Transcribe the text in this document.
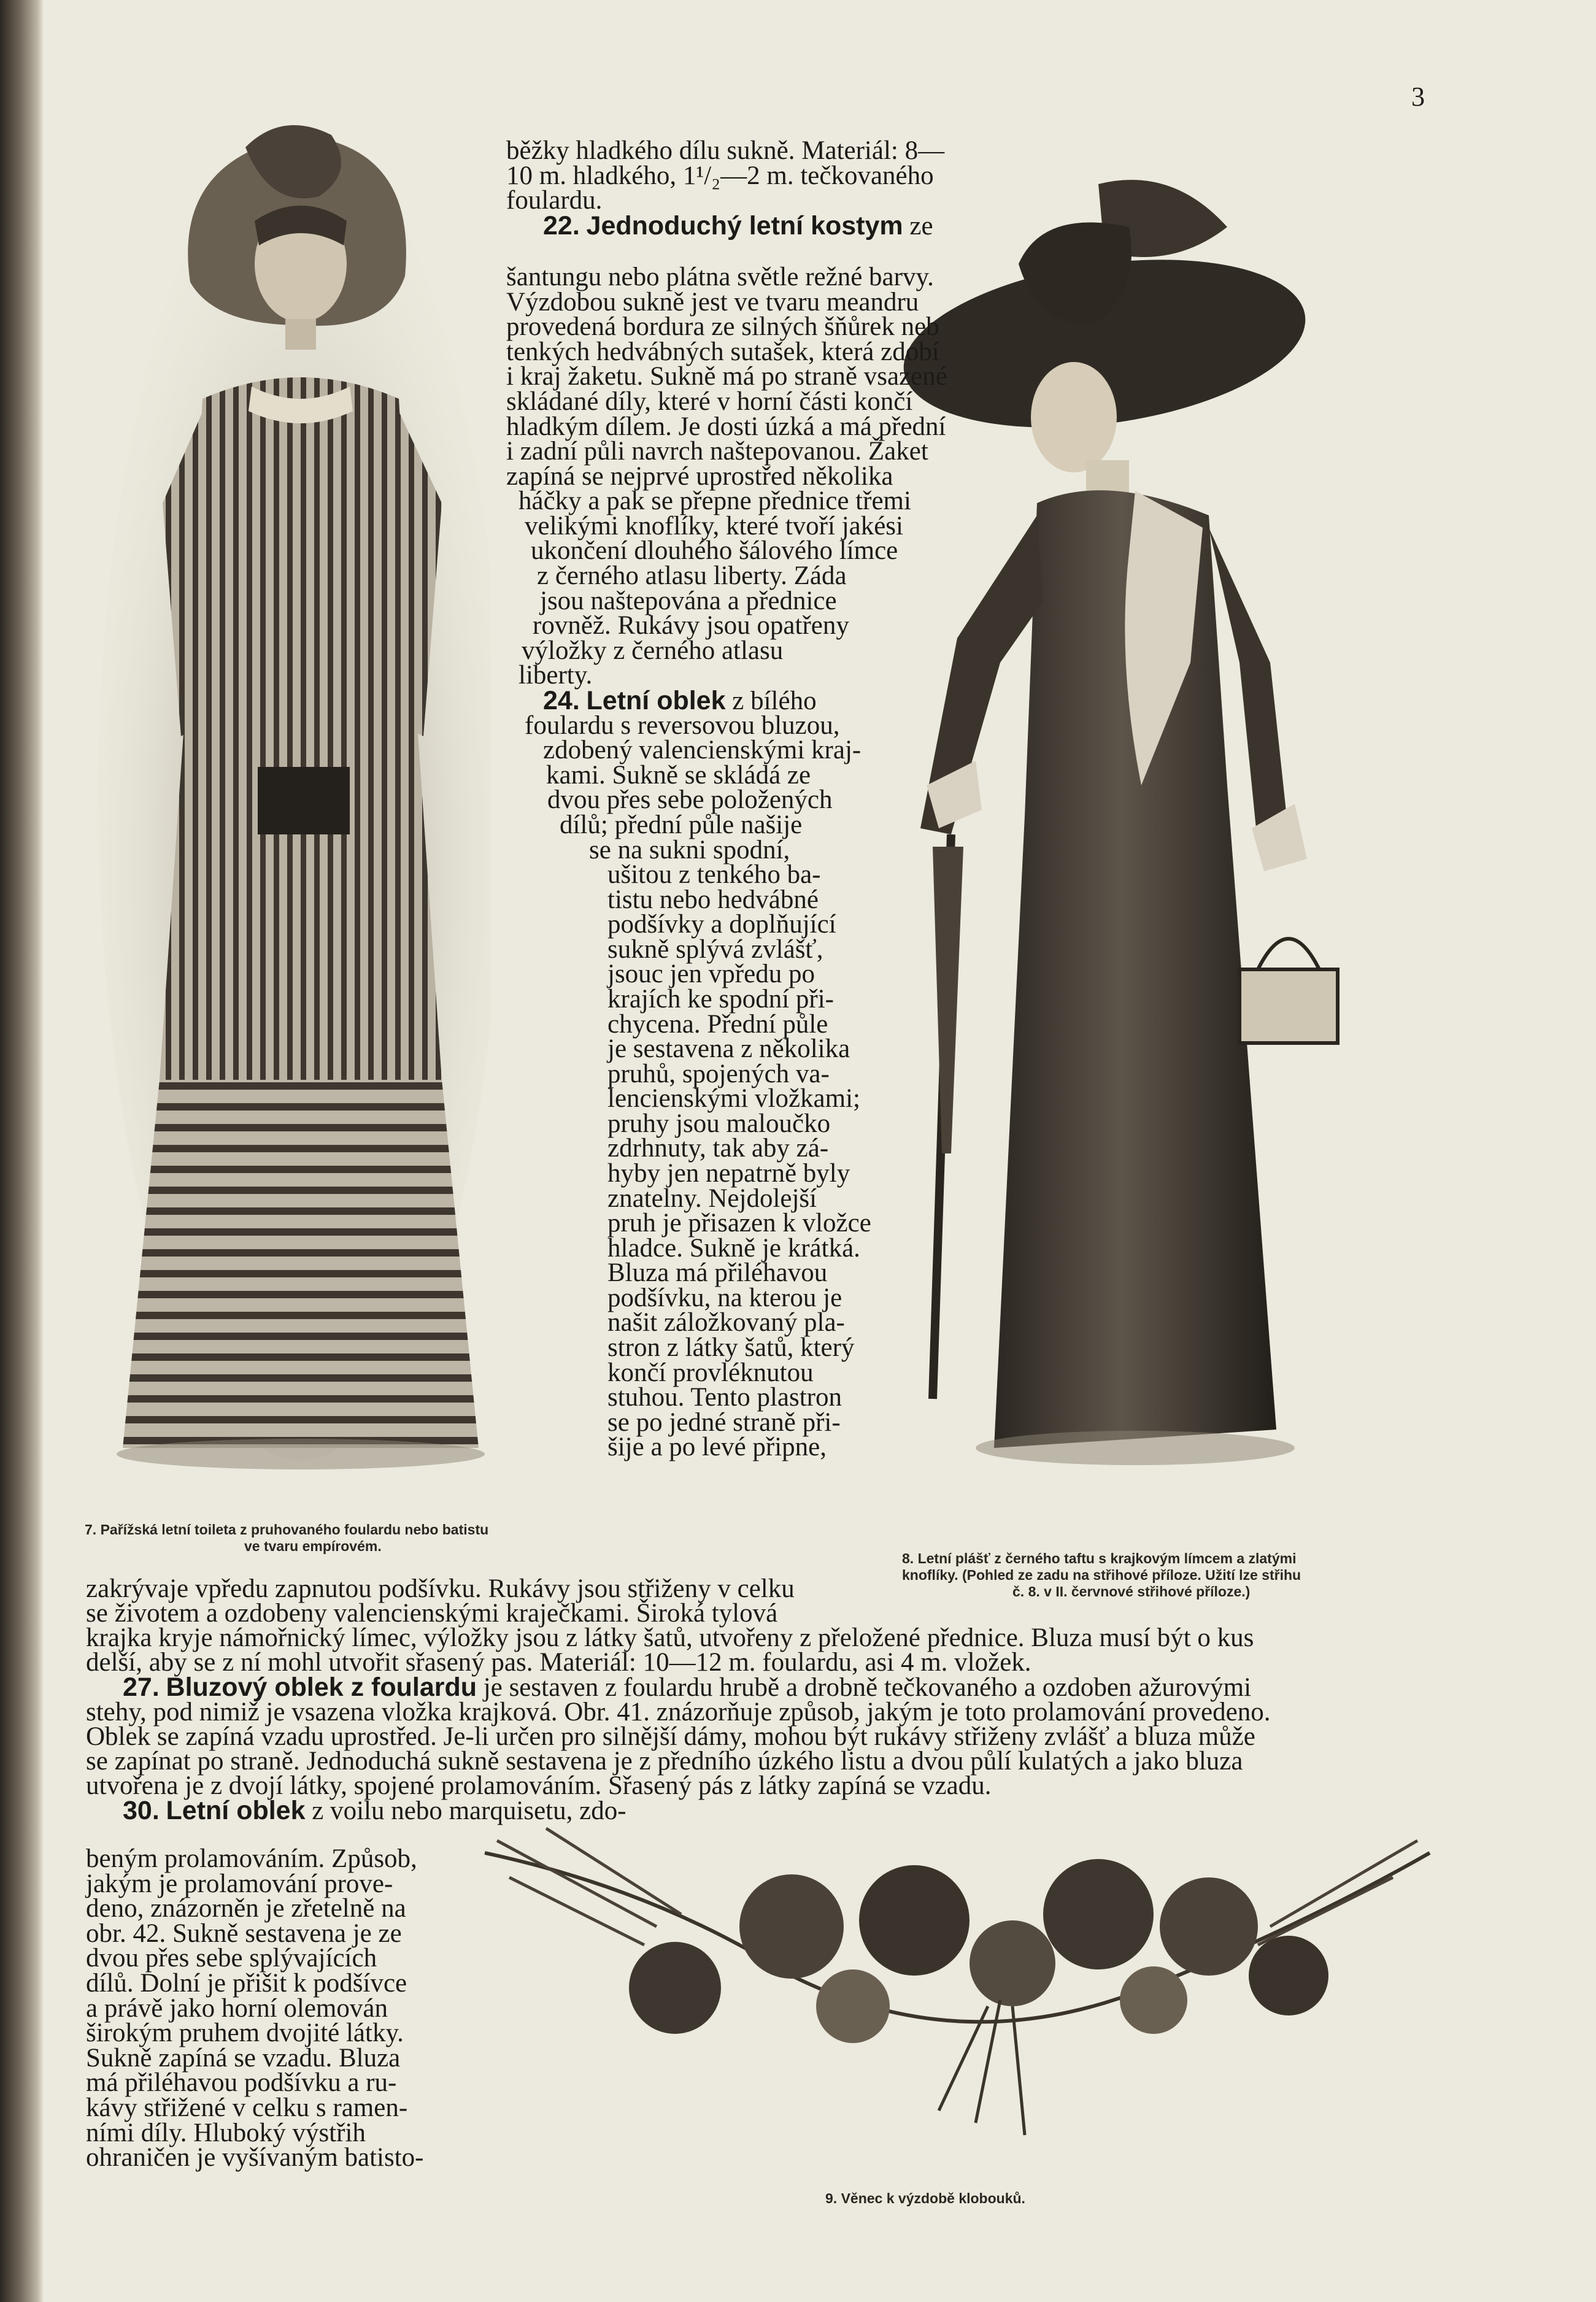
3

běžky hladkého dílu sukně. Materiál: 8—

10 m. hladkého, 1¹/₂—2 m. tečkovaného

foulardu.

22. Jednoduchý letní kostym ze

šantungu nebo plátna světle režné barvy.

Výzdobou sukně jest ve tvaru meandru

provedená bordura ze silných šňůrek neb

tenkých hedvábných sutašek, která zdobí

i kraj žaketu. Sukně má po straně vsazené

skládané díly, které v horní části končí

hladkým dílem. Je dosti úzká a má přední

i zadní půli navrch naštepovanou. Žaket

zapíná se nejprvé uprostřed několika

háčky a pak se přepne přednice třemi

velikými knoflíky, které tvoří jakési

ukončení dlouhého šálového límce

z černého atlasu liberty. Záda

jsou naštepována a přednice

rovněž. Rukávy jsou opatřeny

výložky z černého atlasu

liberty.

24. Letní oblek z bílého

foulardu s reversovou bluzou,

zdobený valencienskými kraj-

kami. Sukně se skládá ze

dvou přes sebe položených

dílů; přední půle našije

se na sukni spodní,

ušitou z tenkého ba-

tistu nebo hedvábné

podšívky a doplňující

sukně splývá zvlášť,

jsouc jen vpředu po

krajích ke spodní při-

chycena. Přední půle

je sestavena z několika

pruhů, spojených va-

lencienskými vložkami;

pruhy jsou maloučko

zdrhnuty, tak aby zá-

hyby jen nepatrně byly

znatelny. Nejdolejší

pruh je přisazen k vložce

hladce. Sukně je krátká.

Bluza má přiléhavou

podšívku, na kterou je

našit záložkovaný pla-

stron z látky šatů, který

končí provléknutou

stuhou. Tento plastron

se po jedné straně při-

šije a po levé připne,

7. Pařížská letní toileta z pruhovaného foulardu nebo batistu
ve tvaru empírovém.
8. Letní plášť z černého taftu s krajkovým límcem a zlatými
knoflíky. (Pohled ze zadu na střihové příloze. Užití lze střihu
č. 8. v II. červnové střihové příloze.)
9. Věnec k výzdobě klobouků.

zakrývaje vpředu zapnutou podšívku. Rukávy jsou střiženy v celku

se životem a ozdobeny valencienskými kraječkami. Široká tylová

krajka kryje námořnický límec, výložky jsou z látky šatů, utvořeny z přeložené přednice. Bluza musí být o kus

delší, aby se z ní mohl utvořit sřasený pas. Materiál: 10—12 m. foulardu, asi 4 m. vložek.

27. Bluzový oblek z foulardu je sestaven z foulardu hrubě a drobně tečkovaného a ozdoben ažurovými

stehy, pod nimiž je vsazena vložka krajková. Obr. 41. znázorňuje způsob, jakým je toto prolamování provedeno.

Oblek se zapíná vzadu uprostřed. Je-li určen pro silnější dámy, mohou být rukávy střiženy zvlášť a bluza může

se zapínat po straně. Jednoduchá sukně sestavena je z předního úzkého listu a dvou půlí kulatých a jako bluza

utvořena je z dvojí látky, spojené prolamováním. Sřasený pás z látky zapíná se vzadu.

30. Letní oblek z voilu nebo marquisetu, zdo-

beným prolamováním. Způsob,

jakým je prolamování prove-

deno, znázorněn je zřetelně na

obr. 42. Sukně sestavena je ze

dvou přes sebe splývajících

dílů. Dolní je přišit k podšívce

a právě jako horní olemován

širokým pruhem dvojité látky.

Sukně zapíná se vzadu. Bluza

má přiléhavou podšívku a ru-

kávy střižené v celku s ramen-

ními díly. Hluboký výstřih

ohraničen je vyšívaným batisto-
